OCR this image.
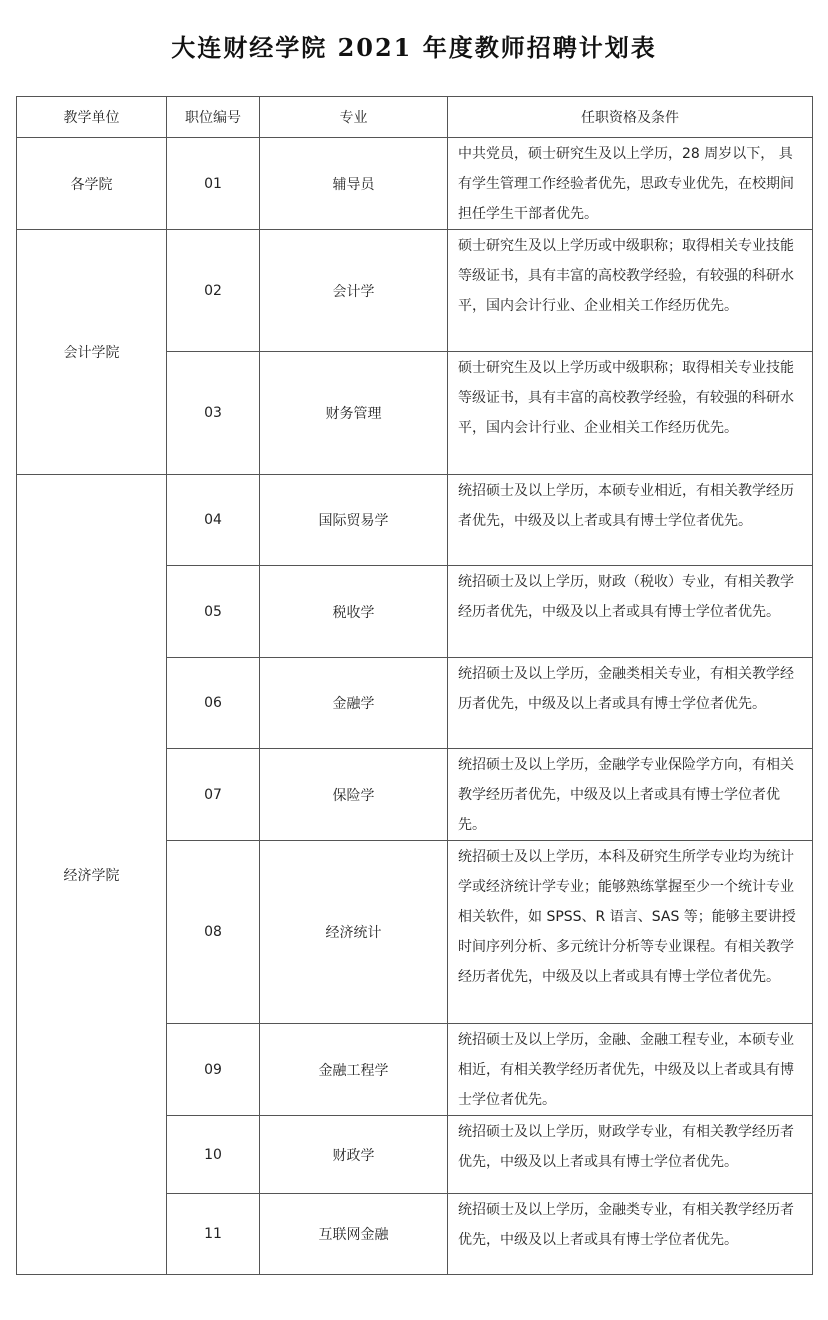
大连财经学院 2021 年度教师招聘计划表
教学单位	职位编号	专业	任职资格及条件
各学院	01	辅导员	中共党员，硕士研究生及以上学历，28 周岁以下， 具有学生管理工作经验者优先，思政专业优先，在校期间担任学生干部者优先。
会计学院	02	会计学	硕士研究生及以上学历或中级职称；取得相关专业技能等级证书，具有丰富的高校教学经验，有较强的科研水平，国内会计行业、企业相关工作经历优先。
	03	财务管理	硕士研究生及以上学历或中级职称；取得相关专业技能等级证书，具有丰富的高校教学经验，有较强的科研水平，国内会计行业、企业相关工作经历优先。
经济学院	04	国际贸易学	统招硕士及以上学历，本硕专业相近，有相关教学经历者优先，中级及以上者或具有博士学位者优先。
	05	税收学	统招硕士及以上学历，财政（税收）专业，有相关教学经历者优先，中级及以上者或具有博士学位者优先。
	06	金融学	统招硕士及以上学历，金融类相关专业，有相关教学经历者优先，中级及以上者或具有博士学位者优先。
	07	保险学	统招硕士及以上学历，金融学专业保险学方向，有相关教学经历者优先，中级及以上者或具有博士学位者优先。
	08	经济统计	统招硕士及以上学历，本科及研究生所学专业均为统计学或经济统计学专业；能够熟练掌握至少一个统计专业相关软件，如 SPSS、R 语言、SAS 等；能够主要讲授时间序列分析、多元统计分析等专业课程。有相关教学经历者优先，中级及以上者或具有博士学位者优先。
	09	金融工程学	统招硕士及以上学历，金融、金融工程专业，本硕专业相近，有相关教学经历者优先，中级及以上者或具有博士学位者优先。
	10	财政学	统招硕士及以上学历，财政学专业，有相关教学经历者优先，中级及以上者或具有博士学位者优先。
	11	互联网金融	统招硕士及以上学历，金融类专业，有相关教学经历者优先，中级及以上者或具有博士学位者优先。
